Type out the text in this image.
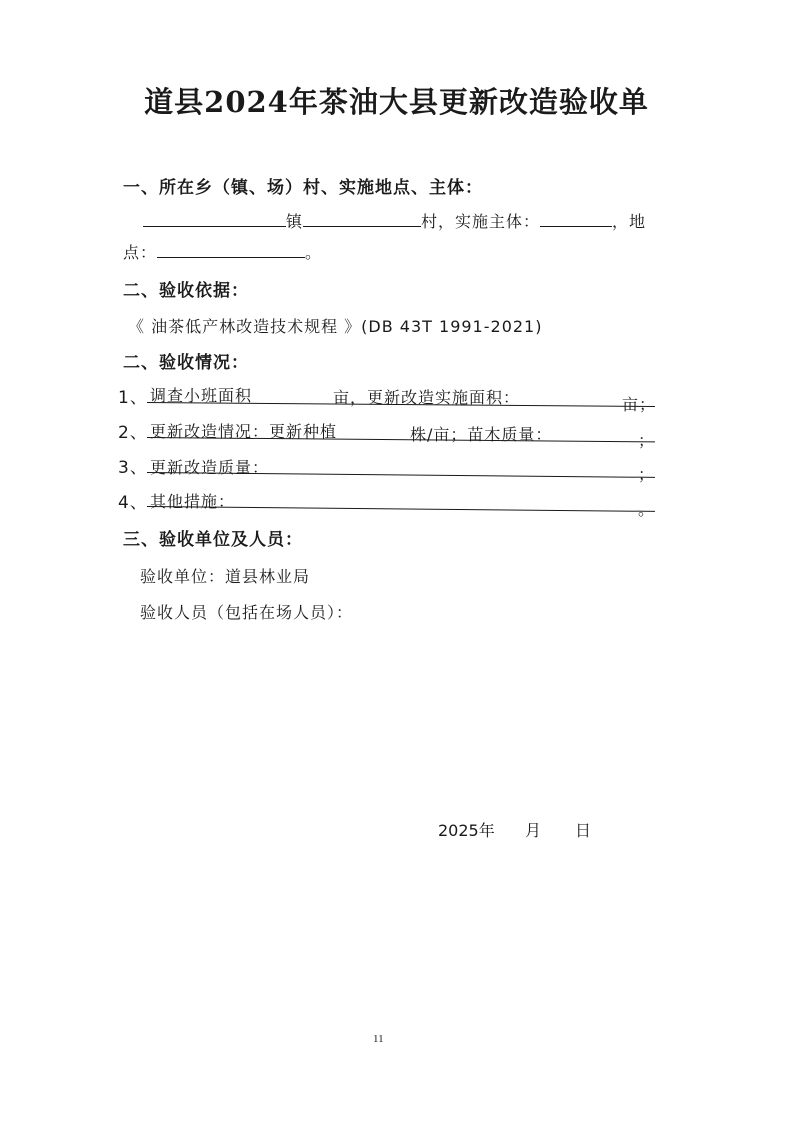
道县2024年茶油大县更新改造验收单
一、所在乡（镇、场）村、实施地点、主体：
镇	村，实施主体：	，地
点：	。
二、验收依据：
《 油茶低产林改造技术规程 》(DB 43T 1991-2021)
二、验收情况：
1、 调查小班面积	亩，更新改造实施面积：	亩；
2、 更新改造情况：更新种植	株/亩；苗木质量：	；
3、 更新改造质量：	；
4、 其他措施：	。
三、验收单位及人员：
验收单位：道县林业局
验收人员（包括在场人员）：
2025年 月 日
11
